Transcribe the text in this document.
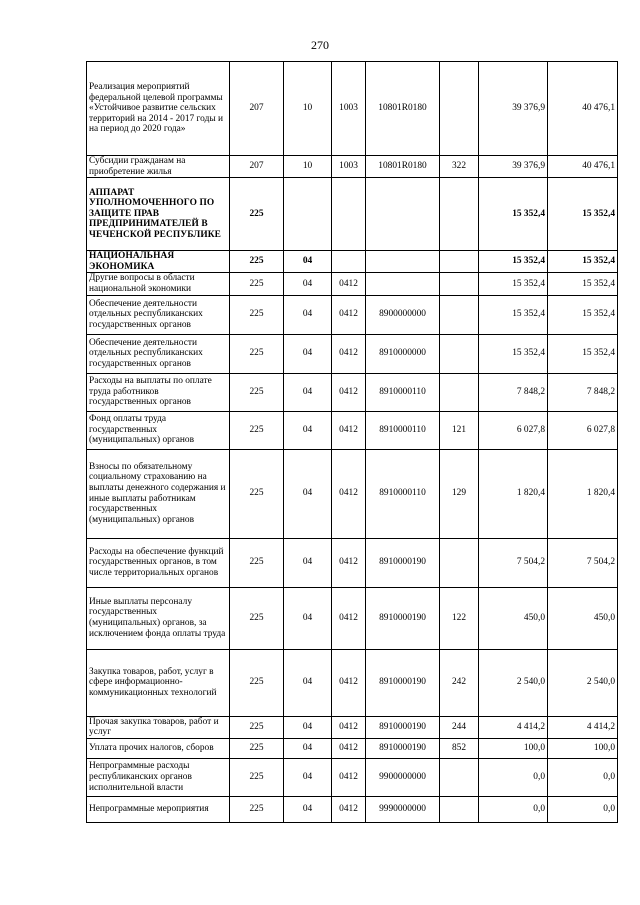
270
Реализация мероприятий федеральной целевой программы «Устойчивое развитие сельских территорий на 2014 - 2017 годы и на период до 2020 года»	207	10	1003	10801R0180		39 376,9	40 476,1
Субсидии гражданам на приобретение жилья	207	10	1003	10801R0180	322	39 376,9	40 476,1
АППАРАТ УПОЛНОМОЧЕННОГО ПО ЗАЩИТЕ ПРАВ ПРЕДПРИНИМАТЕЛЕЙ В ЧЕЧЕНСКОЙ РЕСПУБЛИКЕ	225					15 352,4	15 352,4
НАЦИОНАЛЬНАЯ ЭКОНОМИКА	225	04				15 352,4	15 352,4
Другие вопросы в области национальной экономики	225	04	0412			15 352,4	15 352,4
Обеспечение деятельности отдельных республиканских государственных органов	225	04	0412	8900000000		15 352,4	15 352,4
Обеспечение деятельности отдельных республиканских государственных органов	225	04	0412	8910000000		15 352,4	15 352,4
Расходы на выплаты по оплате труда работников государственных органов	225	04	0412	8910000110		7 848,2	7 848,2
Фонд оплаты труда государственных (муниципальных) органов	225	04	0412	8910000110	121	6 027,8	6 027,8
Взносы по обязательному социальному страхованию на выплаты денежного содержания и иные выплаты работникам государственных (муниципальных) органов	225	04	0412	8910000110	129	1 820,4	1 820,4
Расходы на обеспечение функций государственных органов, в том числе территориальных органов	225	04	0412	8910000190		7 504,2	7 504,2
Иные выплаты персоналу государственных (муниципальных) органов, за исключением фонда оплаты труда	225	04	0412	8910000190	122	450,0	450,0
Закупка товаров, работ, услуг в сфере информационно-коммуникационных технологий	225	04	0412	8910000190	242	2 540,0	2 540,0
Прочая закупка товаров, работ и услуг	225	04	0412	8910000190	244	4 414,2	4 414,2
Уплата прочих налогов, сборов	225	04	0412	8910000190	852	100,0	100,0
Непрограммные расходы республиканских органов исполнительной власти	225	04	0412	9900000000		0,0	0,0
Непрограммные мероприятия	225	04	0412	9990000000		0,0	0,0
